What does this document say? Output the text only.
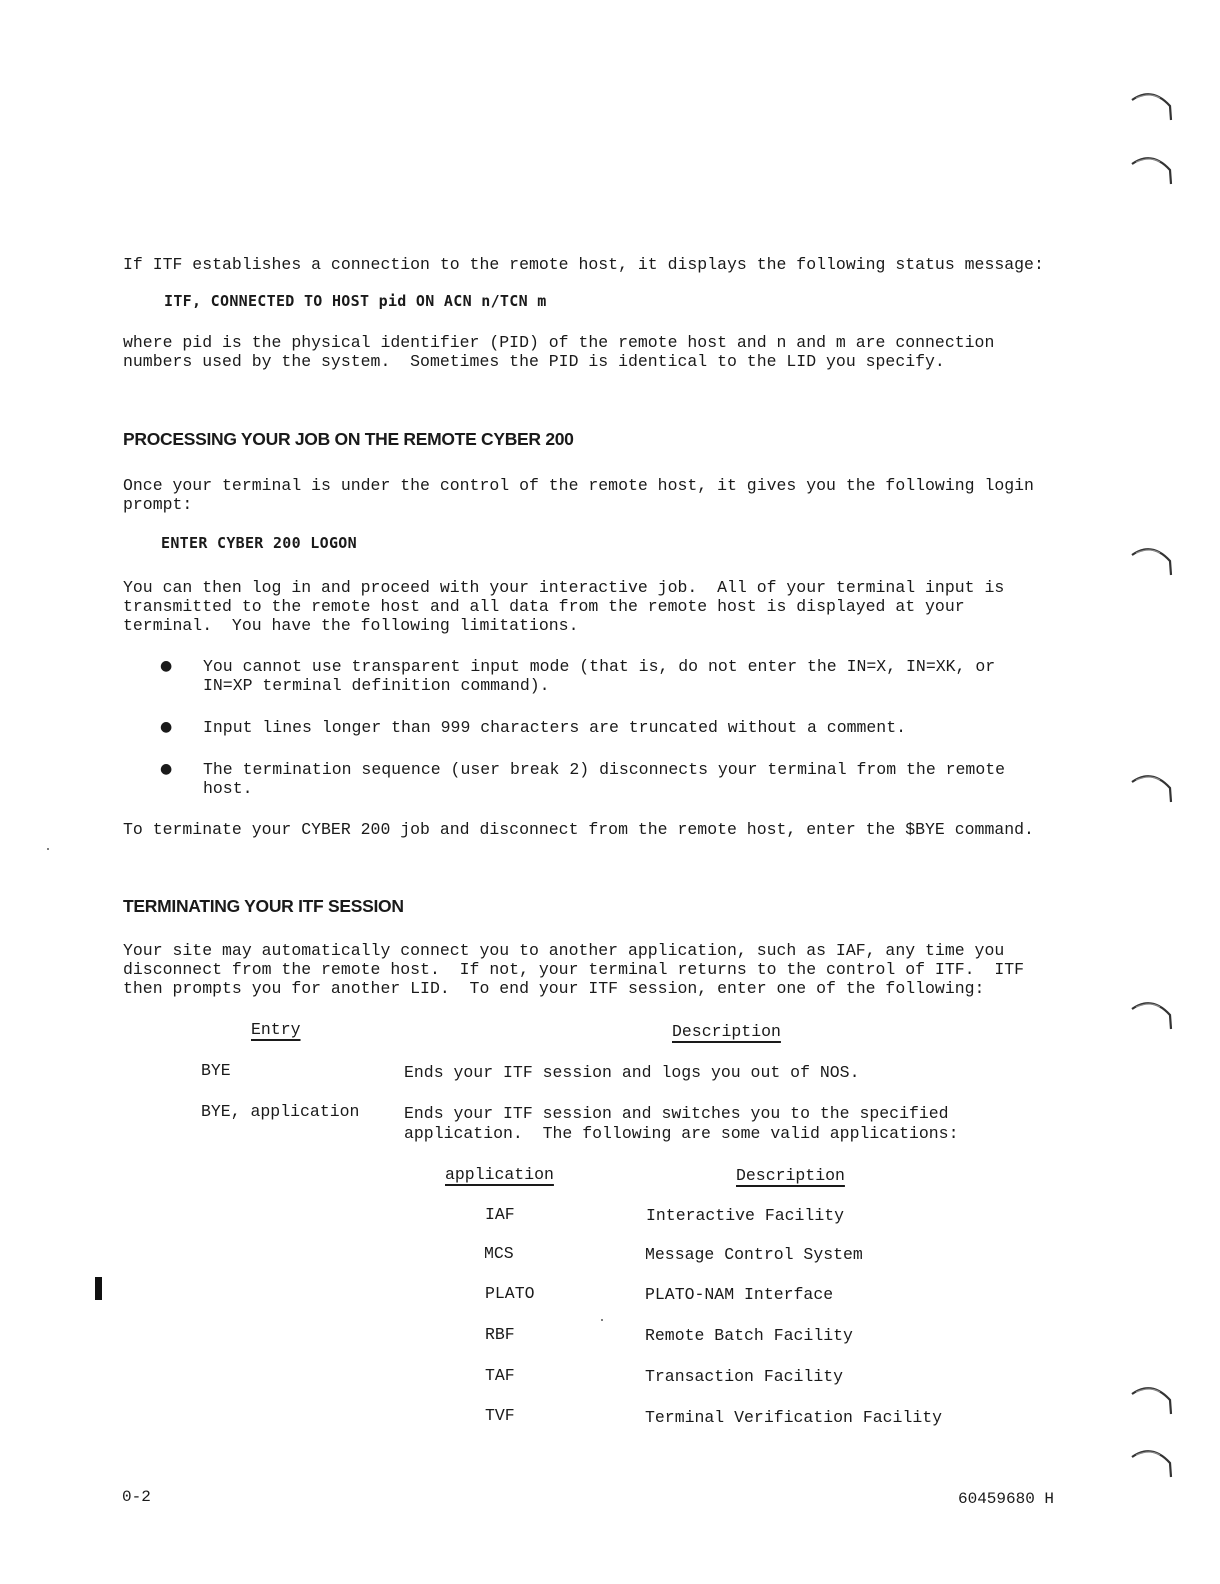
If ITF establishes a connection to the remote host, it displays the following status message:
ITF, CONNECTED TO HOST pid ON ACN n/TCN m
where pid is the physical identifier (PID) of the remote host and n and m are connection
numbers used by the system.  Sometimes the PID is identical to the LID you specify.
PROCESSING YOUR JOB ON THE REMOTE CYBER 200
Once your terminal is under the control of the remote host, it gives you the following login
prompt:
ENTER CYBER 200 LOGON
You can then log in and proceed with your interactive job.  All of your terminal input is
transmitted to the remote host and all data from the remote host is displayed at your
terminal.  You have the following limitations.
● You cannot use transparent input mode (that is, do not enter the IN=X, IN=XK, or
IN=XP terminal definition command).
● Input lines longer than 999 characters are truncated without a comment.
● The termination sequence (user break 2) disconnects your terminal from the remote
host.
To terminate your CYBER 200 job and disconnect from the remote host, enter the $BYE command.
TERMINATING YOUR ITF SESSION
Your site may automatically connect you to another application, such as IAF, any time you
disconnect from the remote host.  If not, your terminal returns to the control of ITF.  ITF
then prompts you for another LID.  To end your ITF session, enter one of the following:
Entry	Description
BYE	Ends your ITF session and logs you out of NOS.
BYE, application	Ends your ITF session and switches you to the specified
application.  The following are some valid applications:
application	Description
IAF	Interactive Facility
MCS	Message Control System
PLATO	PLATO-NAM Interface
RBF	Remote Batch Facility
TAF	Transaction Facility
TVF	Terminal Verification Facility
0-2	60459680 H
